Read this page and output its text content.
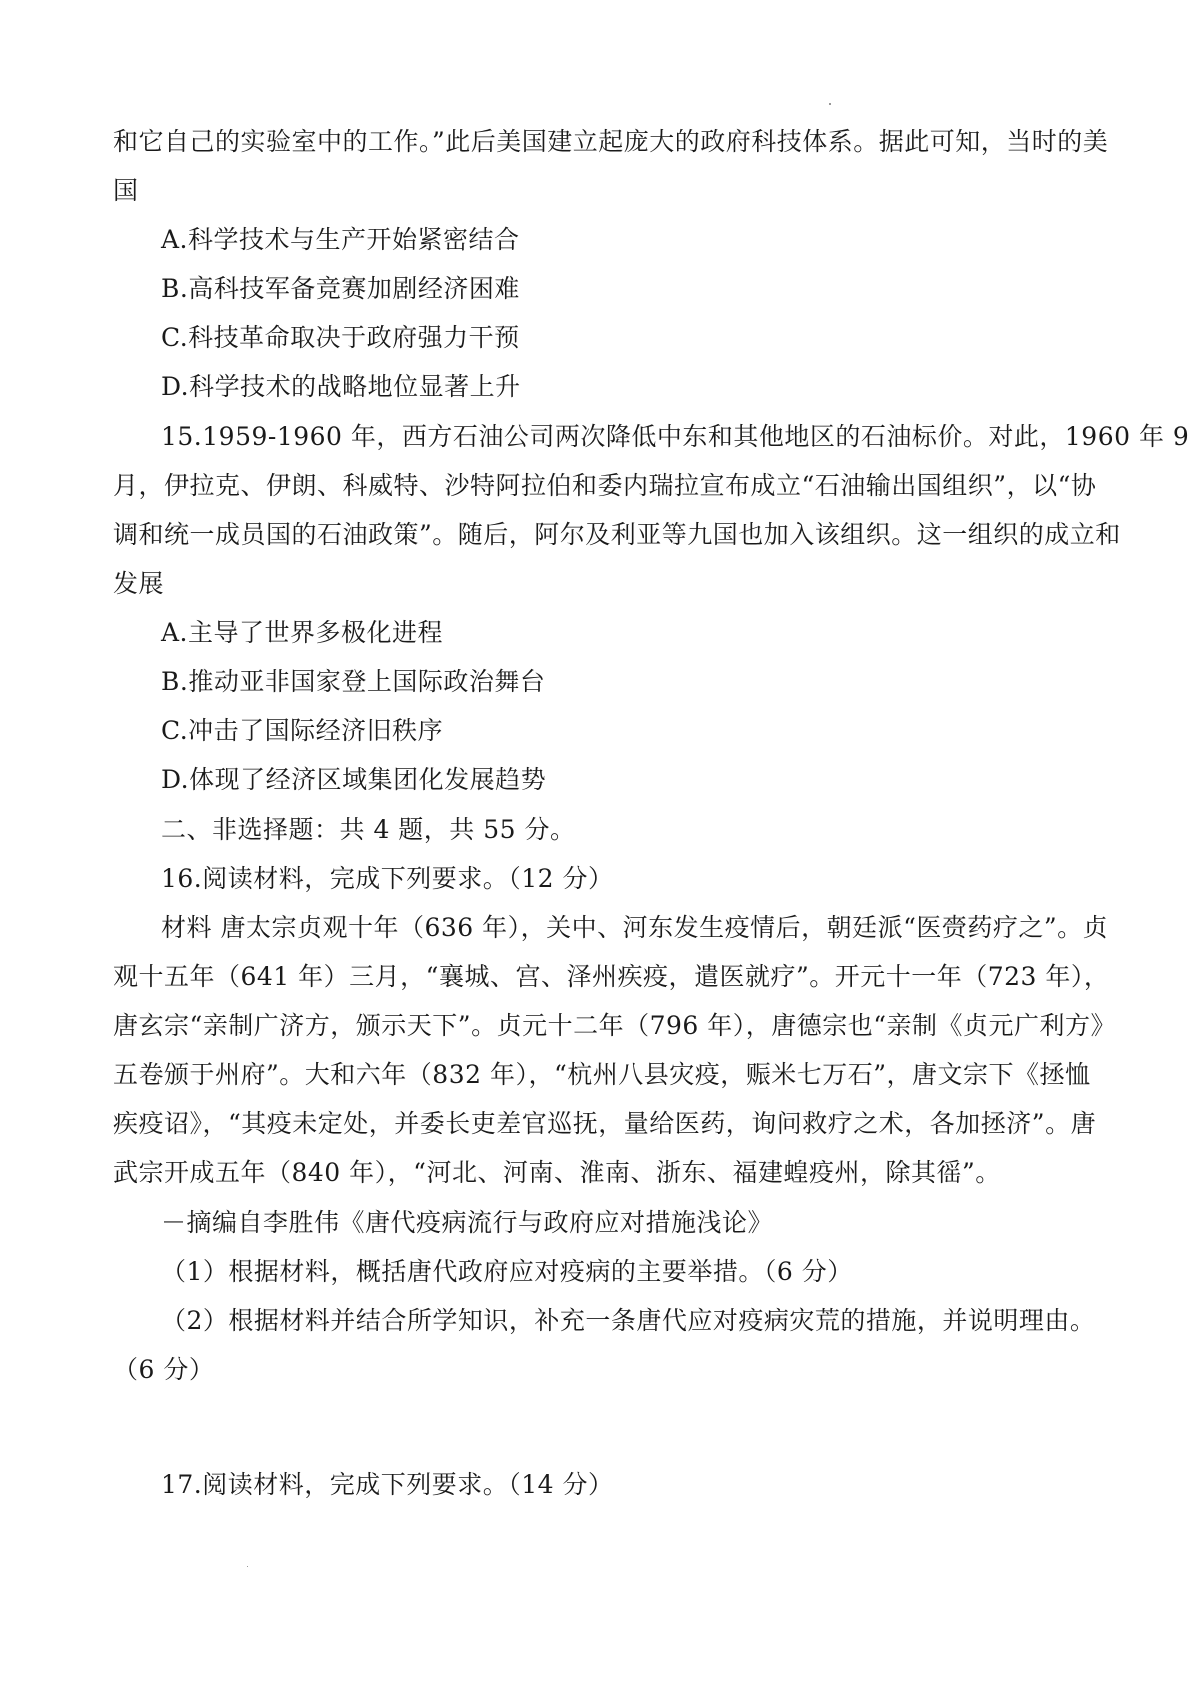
和它自己的实验室中的工作。”此后美国建立起庞大的政府科技体系。据此可知，当时的美
国
A.科学技术与生产开始紧密结合
B.高科技军备竞赛加剧经济困难
C.科技革命取决于政府强力干预
D.科学技术的战略地位显著上升
15.1959-1960 年，西方石油公司两次降低中东和其他地区的石油标价。对此，1960 年 9
月，伊拉克、伊朗、科威特、沙特阿拉伯和委内瑞拉宣布成立“石油输出国组织”，以“协
调和统一成员国的石油政策”。随后，阿尔及利亚等九国也加入该组织。这一组织的成立和
发展
A.主导了世界多极化进程
B.推动亚非国家登上国际政治舞台
C.冲击了国际经济旧秩序
D.体现了经济区域集团化发展趋势
二、非选择题：共 4 题，共 55 分。
16.阅读材料，完成下列要求。（12 分）
材料 唐太宗贞观十年（636 年），关中、河东发生疫情后，朝廷派“医赍药疗之”。贞
观十五年（641 年）三月，“襄城、宫、泽州疾疫，遣医就疗”。开元十一年（723 年），
唐玄宗“亲制广济方，颁示天下”。贞元十二年（796 年），唐德宗也“亲制《贞元广利方》
五卷颁于州府”。大和六年（832 年），“杭州八县灾疫，赈米七万石”，唐文宗下《拯恤
疾疫诏》，“其疫未定处，并委长吏差官巡抚，量给医药，询问救疗之术，各加拯济”。唐
武宗开成五年（840 年），“河北、河南、淮南、浙东、福建蝗疫州，除其徭”。
－摘编自李胜伟《唐代疫病流行与政府应对措施浅论》
（1）根据材料，概括唐代政府应对疫病的主要举措。（6 分）
（2）根据材料并结合所学知识，补充一条唐代应对疫病灾荒的措施，并说明理由。
（6 分）
17.阅读材料，完成下列要求。（14 分）
